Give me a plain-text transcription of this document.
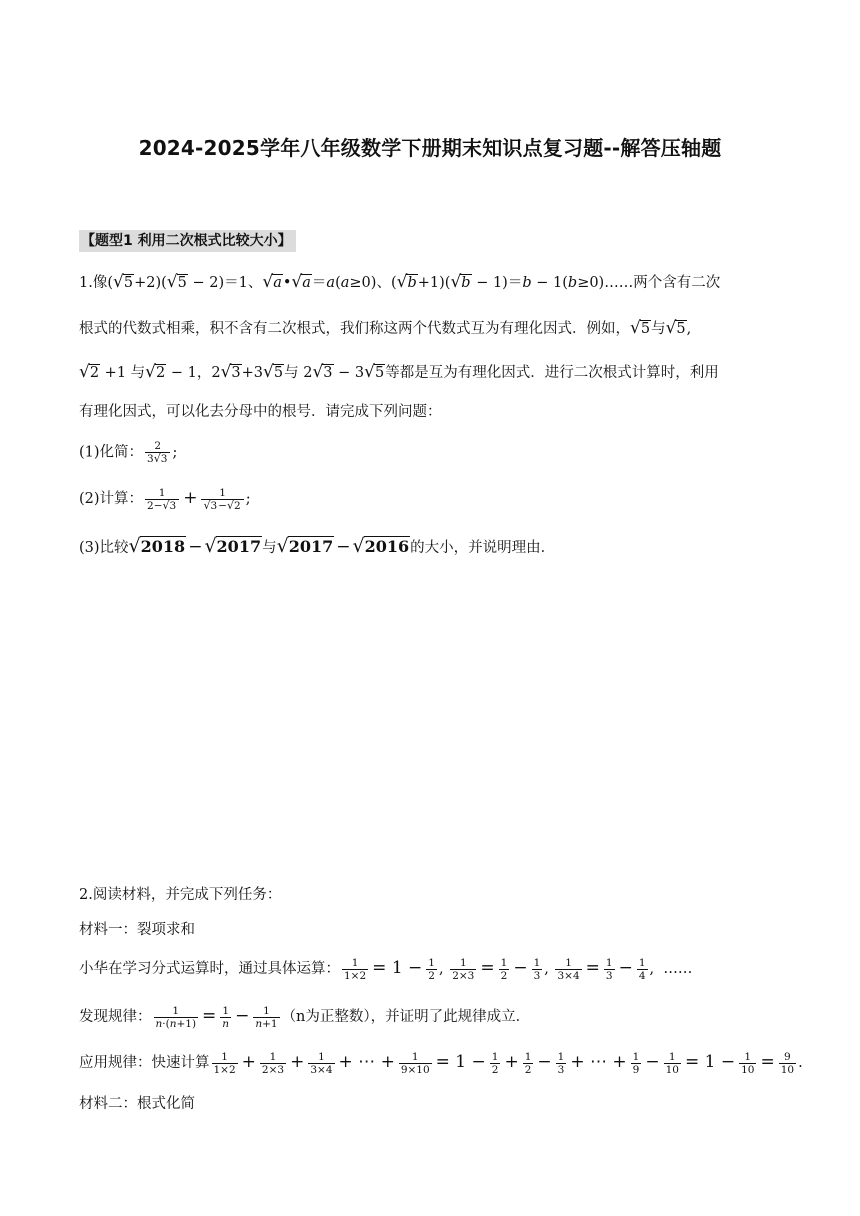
2024-2025学年八年级数学下册期末知识点复习题--解答压轴题
【题型1 利用二次根式比较大小】
1.像(√5+2)(√5 − 2)＝1、√a•√a＝a(a≥0)、(√b+1)(√b − 1)＝b − 1(b≥0)……两个含有二次
根式的代数式相乘，积不含有二次根式，我们称这两个代数式互为有理化因式．例如，√5与√5,
√2 +1 与√2 − 1，2√3+3√5与 2√3 − 3√5等都是互为有理化因式．进行二次根式计算时，利用
有理化因式，可以化去分母中的根号．请完成下列问题：
(1)化简： $\frac{2}{3√3}$ ;
(2)计算： $\frac{1}{2-√3} + \frac{1}{√3-√2}$ ;
(3)比较√2018 − √2017与√2017 − √2016的大小，并说明理由．
2.阅读材料，并完成下列任务：
材料一：裂项求和
小华在学习分式运算时，通过具体运算： $\frac{1}{1\times 2} = 1 - \frac{1}{2}$ , $\frac{1}{2\times 3} = \frac{1}{2} - \frac{1}{3}$ , $\frac{1}{3\times 4} = \frac{1}{3} - \frac{1}{4}$ ,  ……
发现规律： $\frac{1}{n\cdot(n+1)} = \frac{1}{n} - \frac{1}{n+1} (n$为正整数），并证明了此规律成立．
应用规律：快速计算 $\frac{1}{1\times 2} + \frac{1}{2\times 3} + \frac{1}{3\times 4}$ + ⋯ + $\frac{1}{9\times 10} = 1 - \frac{1}{2} + \frac{1}{2} - \frac{1}{3}$ + ⋯ + $\frac{1}{9} - \frac{1}{10} = 1 - \frac{1}{10} = \frac{9}{10}$ .
材料二：根式化简
